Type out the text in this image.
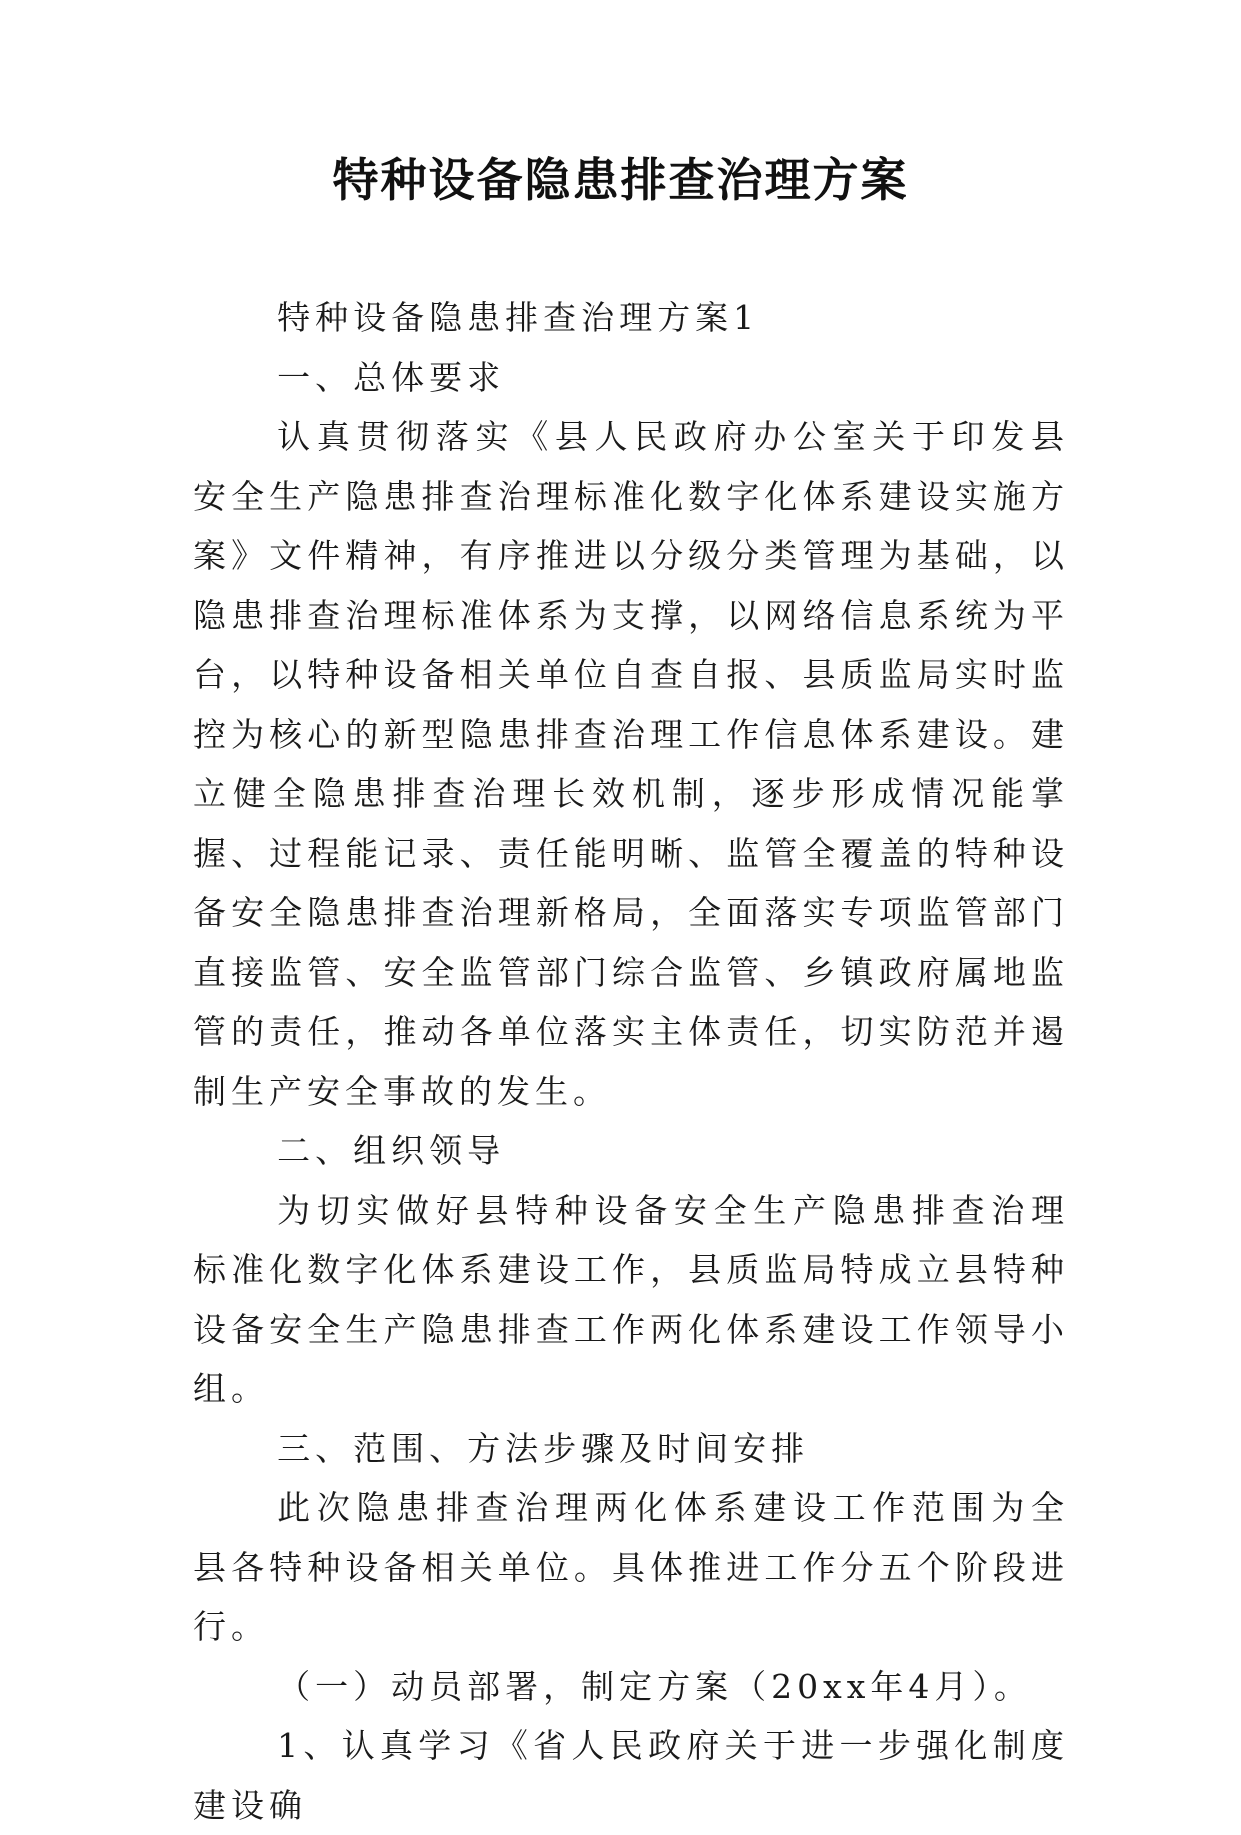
特种设备隐患排查治理方案

特种设备隐患排查治理方案1

一、总体要求

认真贯彻落实《县人民政府办公室关于印发县安全生产隐患排查治理标准化数字化体系建设实施方案》文件精神，有序推进以分级分类管理为基础，以隐患排查治理标准体系为支撑，以网络信息系统为平台，以特种设备相关单位自查自报、县质监局实时监控为核心的新型隐患排查治理工作信息体系建设。建立健全隐患排查治理长效机制，逐步形成情况能掌握、过程能记录、责任能明晰、监管全覆盖的特种设备安全隐患排查治理新格局，全面落实专项监管部门直接监管、安全监管部门综合监管、乡镇政府属地监管的责任，推动各单位落实主体责任，切实防范并遏制生产安全事故的发生。

二、组织领导

为切实做好县特种设备安全生产隐患排查治理标准化数字化体系建设工作，县质监局特成立县特种设备安全生产隐患排查工作两化体系建设工作领导小组。

三、范围、方法步骤及时间安排

此次隐患排查治理两化体系建设工作范围为全县各特种设备相关单位。具体推进工作分五个阶段进行。

（一）动员部署，制定方案（20xx年4月）。

1、认真学习《省人民政府关于进一步强化制度建设确
